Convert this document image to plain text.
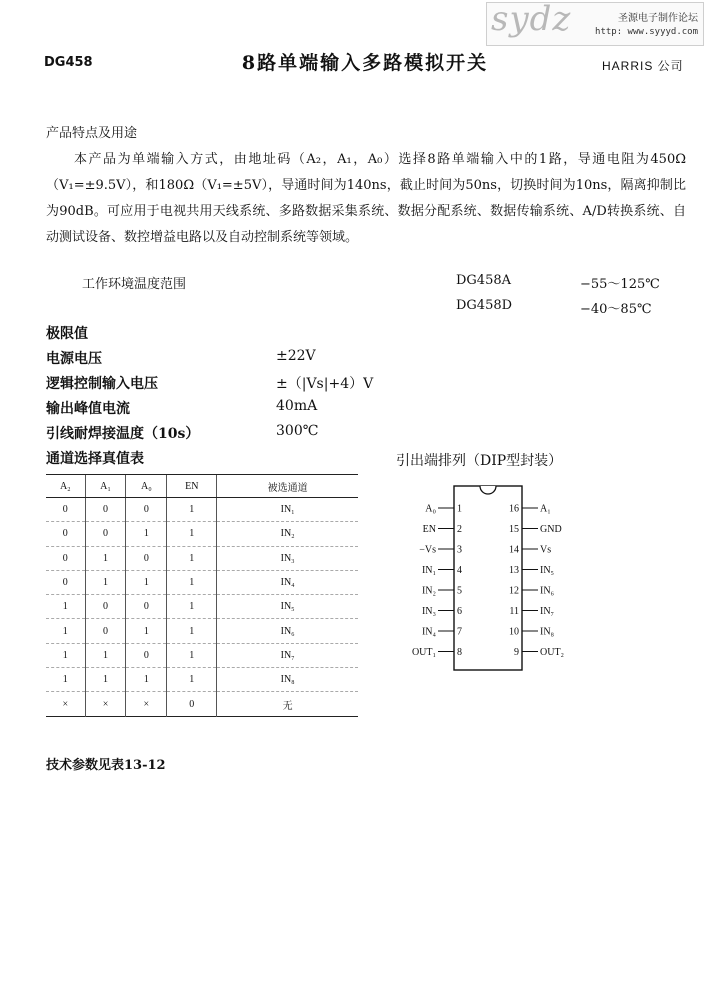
sydz	圣源电子制作论坛
http: www.syyyd.com
DG458	8路单端输入多路模拟开关	HARRIS 公司
产品特点及用途
本产品为单端输入方式，由地址码（A₂，A₁，A₀）选择8路单端输入中的1路，导通电阻为450Ω（V₁=±9.5V），和180Ω（V₁=±5V），导通时间为140ns，截止时间为50ns，切换时间为10ns，隔离抑制比为90dB。可应用于电视共用天线系统、多路数据采集系统、数据分配系统、数据传输系统、A/D转换系统、自动测试设备、数控增益电路以及自动控制系统等领域。
工作环境温度范围	DG458A	−55～125℃
DG458D	−40～85℃
极限值
电源电压	±22V
逻辑控制输入电压	±（|Vs|+4）V
输出峰值电流	40mA
引线耐焊接温度（10s）	300℃
通道选择真值表
A₂	A₁	A₀	EN	被选通道
0	0	0	1	IN₁
0	0	1	1	IN₂
0	1	0	1	IN₃
0	1	1	1	IN₄
1	0	0	1	IN₅
1	0	1	1	IN₆
1	1	0	1	IN₇
1	1	1	1	IN₈
×	×	×	0	无
引出端排列（DIP型封装）
A₀ 1
EN 2
−Vs 3
IN₁ 4
IN₂ 5
IN₃ 6
IN₄ 7
OUT₁ 8
16 A₁
15 GND
14 Vs
13 IN₅
12 IN₆
11 IN₇
10 IN₈
9 OUT₂
技术参数见表13-12
